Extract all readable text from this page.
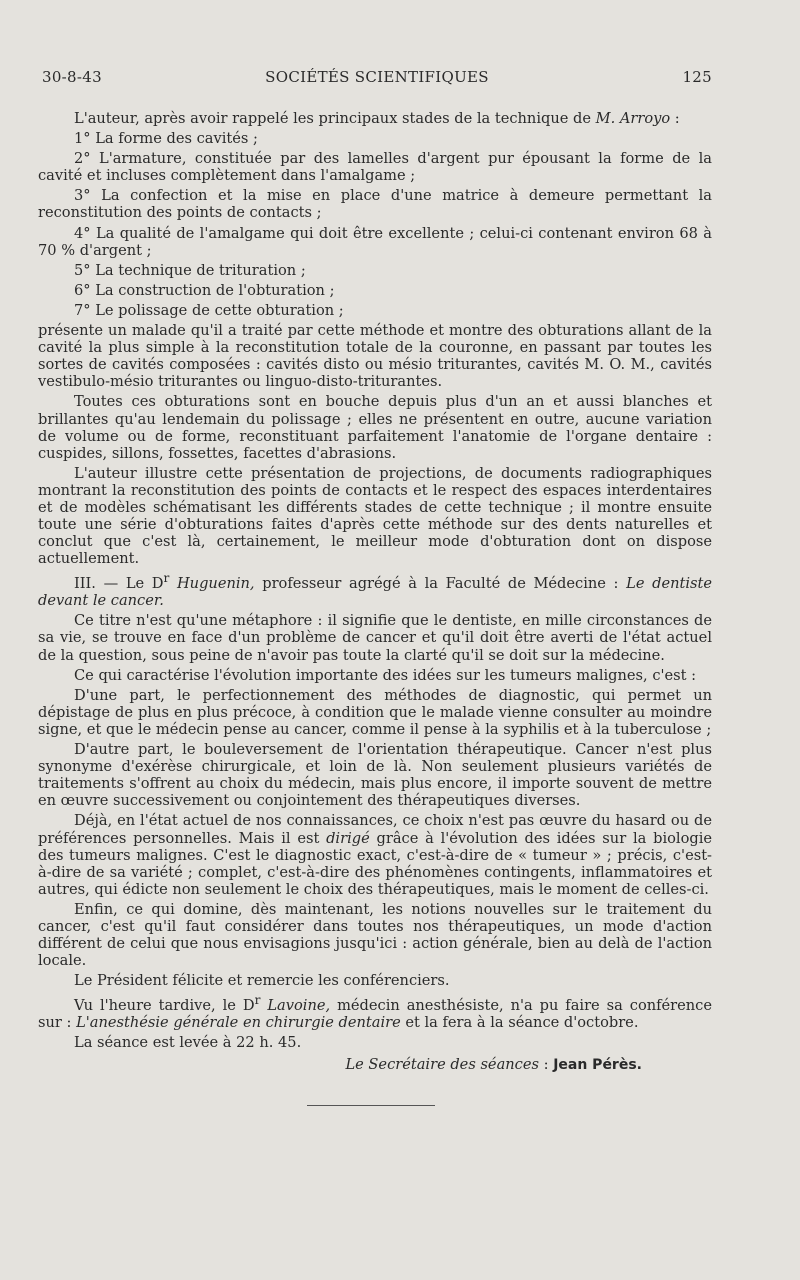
30-8-43	SOCIÉTÉS SCIENTIFIQUES	125

L'auteur, après avoir rappelé les principaux stades de la technique de M. Arroyo :

1° La forme des cavités ;

2° L'armature, constituée par des lamelles d'argent pur épousant la forme de la cavité et incluses complètement dans l'amalgame ;

3° La confection et la mise en place d'une matrice à demeure permettant la reconstitution des points de contacts ;

4° La qualité de l'amalgame qui doit être excellente ; celui-ci contenant environ 68 à 70 % d'argent ;

5° La technique de trituration ;

6° La construction de l'obturation ;

7° Le polissage de cette obturation ;

présente un malade qu'il a traité par cette méthode et montre des obturations allant de la cavité la plus simple à la reconstitution totale de la couronne, en passant par toutes les sortes de cavités composées : cavités disto ou mésio triturantes, cavités M. O. M., cavités vestibulo-mésio triturantes ou linguo-disto-triturantes.

Toutes ces obturations sont en bouche depuis plus d'un an et aussi blanches et brillantes qu'au lendemain du polissage ; elles ne présentent en outre, aucune variation de volume ou de forme, reconstituant parfaitement l'anatomie de l'organe dentaire : cuspides, sillons, fossettes, facettes d'abrasions.

L'auteur illustre cette présentation de projections, de documents radiographiques montrant la reconstitution des points de contacts et le respect des espaces interdentaires et de modèles schématisant les différents stades de cette technique ; il montre ensuite toute une série d'obturations faites d'après cette méthode sur des dents naturelles et conclut que c'est là, certainement, le meilleur mode d'obturation dont on dispose actuellement.

III. — Le $D^r$ Huguenin, professeur agrégé à la Faculté de Médecine : Le dentiste devant le cancer.

Ce titre n'est qu'une métaphore : il signifie que le dentiste, en mille circonstances de sa vie, se trouve en face d'un problème de cancer et qu'il doit être averti de l'état actuel de la question, sous peine de n'avoir pas toute la clarté qu'il se doit sur la médecine.

Ce qui caractérise l'évolution importante des idées sur les tumeurs malignes, c'est :

D'une part, le perfectionnement des méthodes de diagnostic, qui permet un dépistage de plus en plus précoce, à condition que le malade vienne consulter au moindre signe, et que le médecin pense au cancer, comme il pense à la syphilis et à la tuberculose ;

D'autre part, le bouleversement de l'orientation thérapeutique. Cancer n'est plus synonyme d'exérèse chirurgicale, et loin de là. Non seulement plusieurs variétés de traitements s'offrent au choix du médecin, mais plus encore, il importe souvent de mettre en œuvre successivement ou conjointement des thérapeutiques diverses.

Déjà, en l'état actuel de nos connaissances, ce choix n'est pas œuvre du hasard ou de préférences personnelles. Mais il est dirigé grâce à l'évolution des idées sur la biologie des tumeurs malignes. C'est le diagnostic exact, c'est-à-dire de « tumeur » ; précis, c'est-à-dire de sa variété ; complet, c'est-à-dire des phénomènes contingents, inflammatoires et autres, qui édicte non seulement le choix des thérapeutiques, mais le moment de celles-ci.

Enfin, ce qui domine, dès maintenant, les notions nouvelles sur le traitement du cancer, c'est qu'il faut considérer dans toutes nos thérapeutiques, un mode d'action différent de celui que nous envisagions jusqu'ici : action générale, bien au delà de l'action locale.

Le Président félicite et remercie les conférenciers.

Vu l'heure tardive, le $D^r$ Lavoine, médecin anesthésiste, n'a pu faire sa conférence sur : L'anesthésie générale en chirurgie dentaire et la fera à la séance d'octobre.

La séance est levée à 22 h. 45.

Le Secrétaire des séances : Jean Pérès.
